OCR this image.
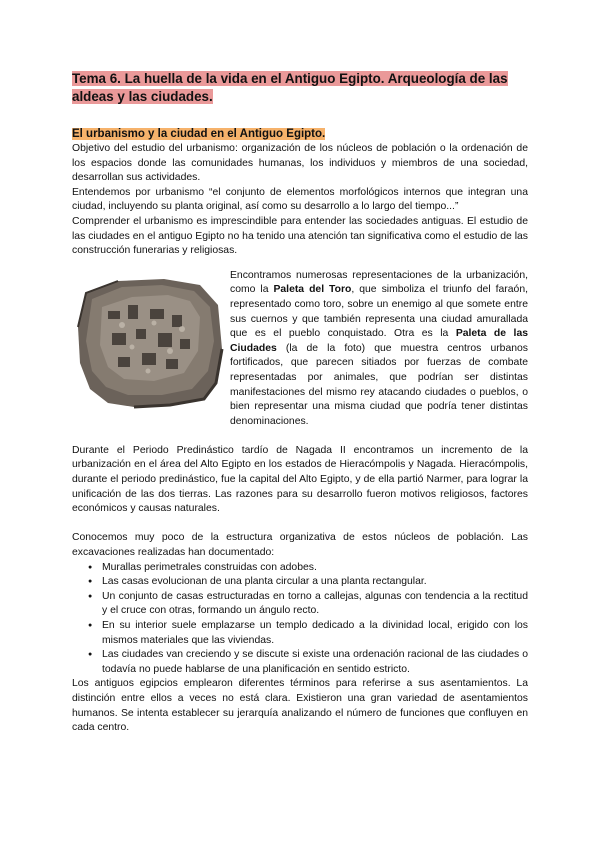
Tema 6. La huella de la vida en el Antiguo Egipto. Arqueología de las aldeas y las ciudades.
El urbanismo y la ciudad en el Antiguo Egipto.

Objetivo del estudio del urbanismo: organización de los núcleos de población o la ordenación de los espacios donde las comunidades humanas, los individuos y miembros de una sociedad, desarrollan sus actividades.

Entendemos por urbanismo “el conjunto de elementos morfológicos internos que integran una ciudad, incluyendo su planta original, así como su desarrollo a lo largo del tiempo...”

Comprender el urbanismo es imprescindible para entender las sociedades antiguas. El estudio de las ciudades en el antiguo Egipto no ha tenido una atención tan significativa como el estudio de las construcción funerarias y religiosas.

Encontramos numerosas representaciones de la urbanización, como la Paleta del Toro, que simboliza el triunfo del faraón, representado como toro, sobre un enemigo al que somete entre sus cuernos y que también representa una ciudad amurallada que es el pueblo conquistado. Otra es la Paleta de las Ciudades (la de la foto) que muestra centros urbanos fortificados, que parecen sitiados por fuerzas de combate representadas por animales, que podrían ser distintas manifestaciones del mismo rey atacando ciudades o pueblos, o bien representar una misma ciudad que podría tener distintas denominaciones.

Durante el Periodo Predinástico tardío de Nagada II encontramos un incremento de la urbanización en el área del Alto Egipto en los estados de Hieracómpolis y Nagada. Hieracómpolis, durante el periodo predinástico, fue la capital del Alto Egipto, y de ella partió Narmer, para lograr la unificación de las dos tierras. Las razones para su desarrollo fueron motivos religiosos, factores económicos y causas naturales.

Conocemos muy poco de la estructura organizativa de estos núcleos de población. Las excavaciones realizadas han documentado:

● Murallas perimetrales construidas con adobes.
● Las casas evolucionan de una planta circular a una planta rectangular.
● Un conjunto de casas estructuradas en torno a callejas, algunas con tendencia a la rectitud y el cruce con otras, formando un ángulo recto.
● En su interior suele emplazarse un templo dedicado a la divinidad local, erigido con los mismos materiales que las viviendas.
● Las ciudades van creciendo y se discute si existe una ordenación racional de las ciudades o todavía no puede hablarse de una planificación en sentido estricto.

Los antiguos egipcios emplearon diferentes términos para referirse a sus asentamientos. La distinción entre ellos a veces no está clara. Existieron una gran variedad de asentamientos humanos. Se intenta establecer su jerarquía analizando el número de funciones que confluyen en cada centro.
